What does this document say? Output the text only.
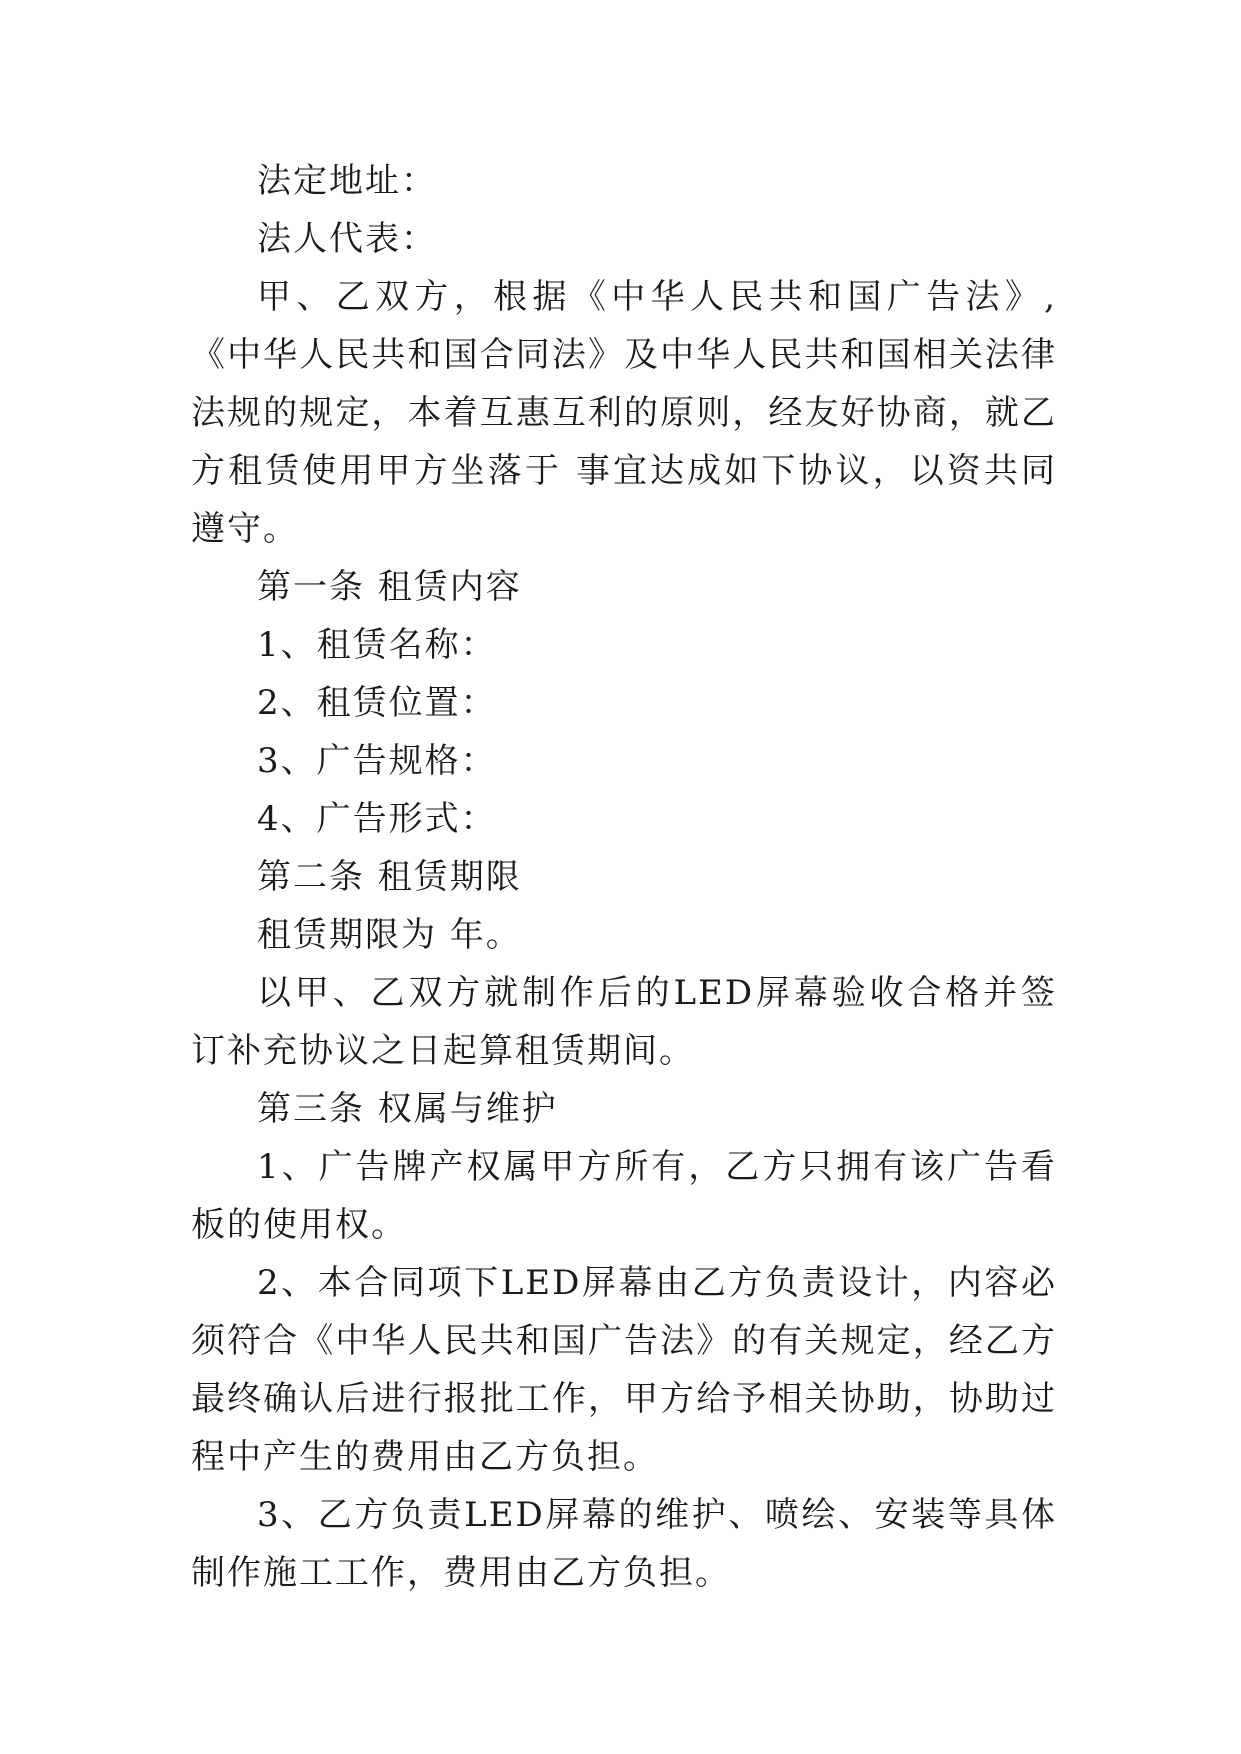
法定地址：

法人代表：

甲、乙双方，根据《中华人民共和国广告法》,《中华人民共和国合同法》及中华人民共和国相关法律法规的规定，本着互惠互利的原则，经友好协商，就乙方租赁使用甲方坐落于 事宜达成如下协议，以资共同遵守。

第一条 租赁内容

1、租赁名称：

2、租赁位置：

3、广告规格：

4、广告形式：

第二条 租赁期限

租赁期限为 年。

以甲、乙双方就制作后的LED屏幕验收合格并签订补充协议之日起算租赁期间。

第三条 权属与维护

1、广告牌产权属甲方所有，乙方只拥有该广告看板的使用权。

2、本合同项下LED屏幕由乙方负责设计，内容必须符合《中华人民共和国广告法》的有关规定，经乙方最终确认后进行报批工作，甲方给予相关协助，协助过程中产生的费用由乙方负担。

3、乙方负责LED屏幕的维护、喷绘、安装等具体制作施工工作，费用由乙方负担。
